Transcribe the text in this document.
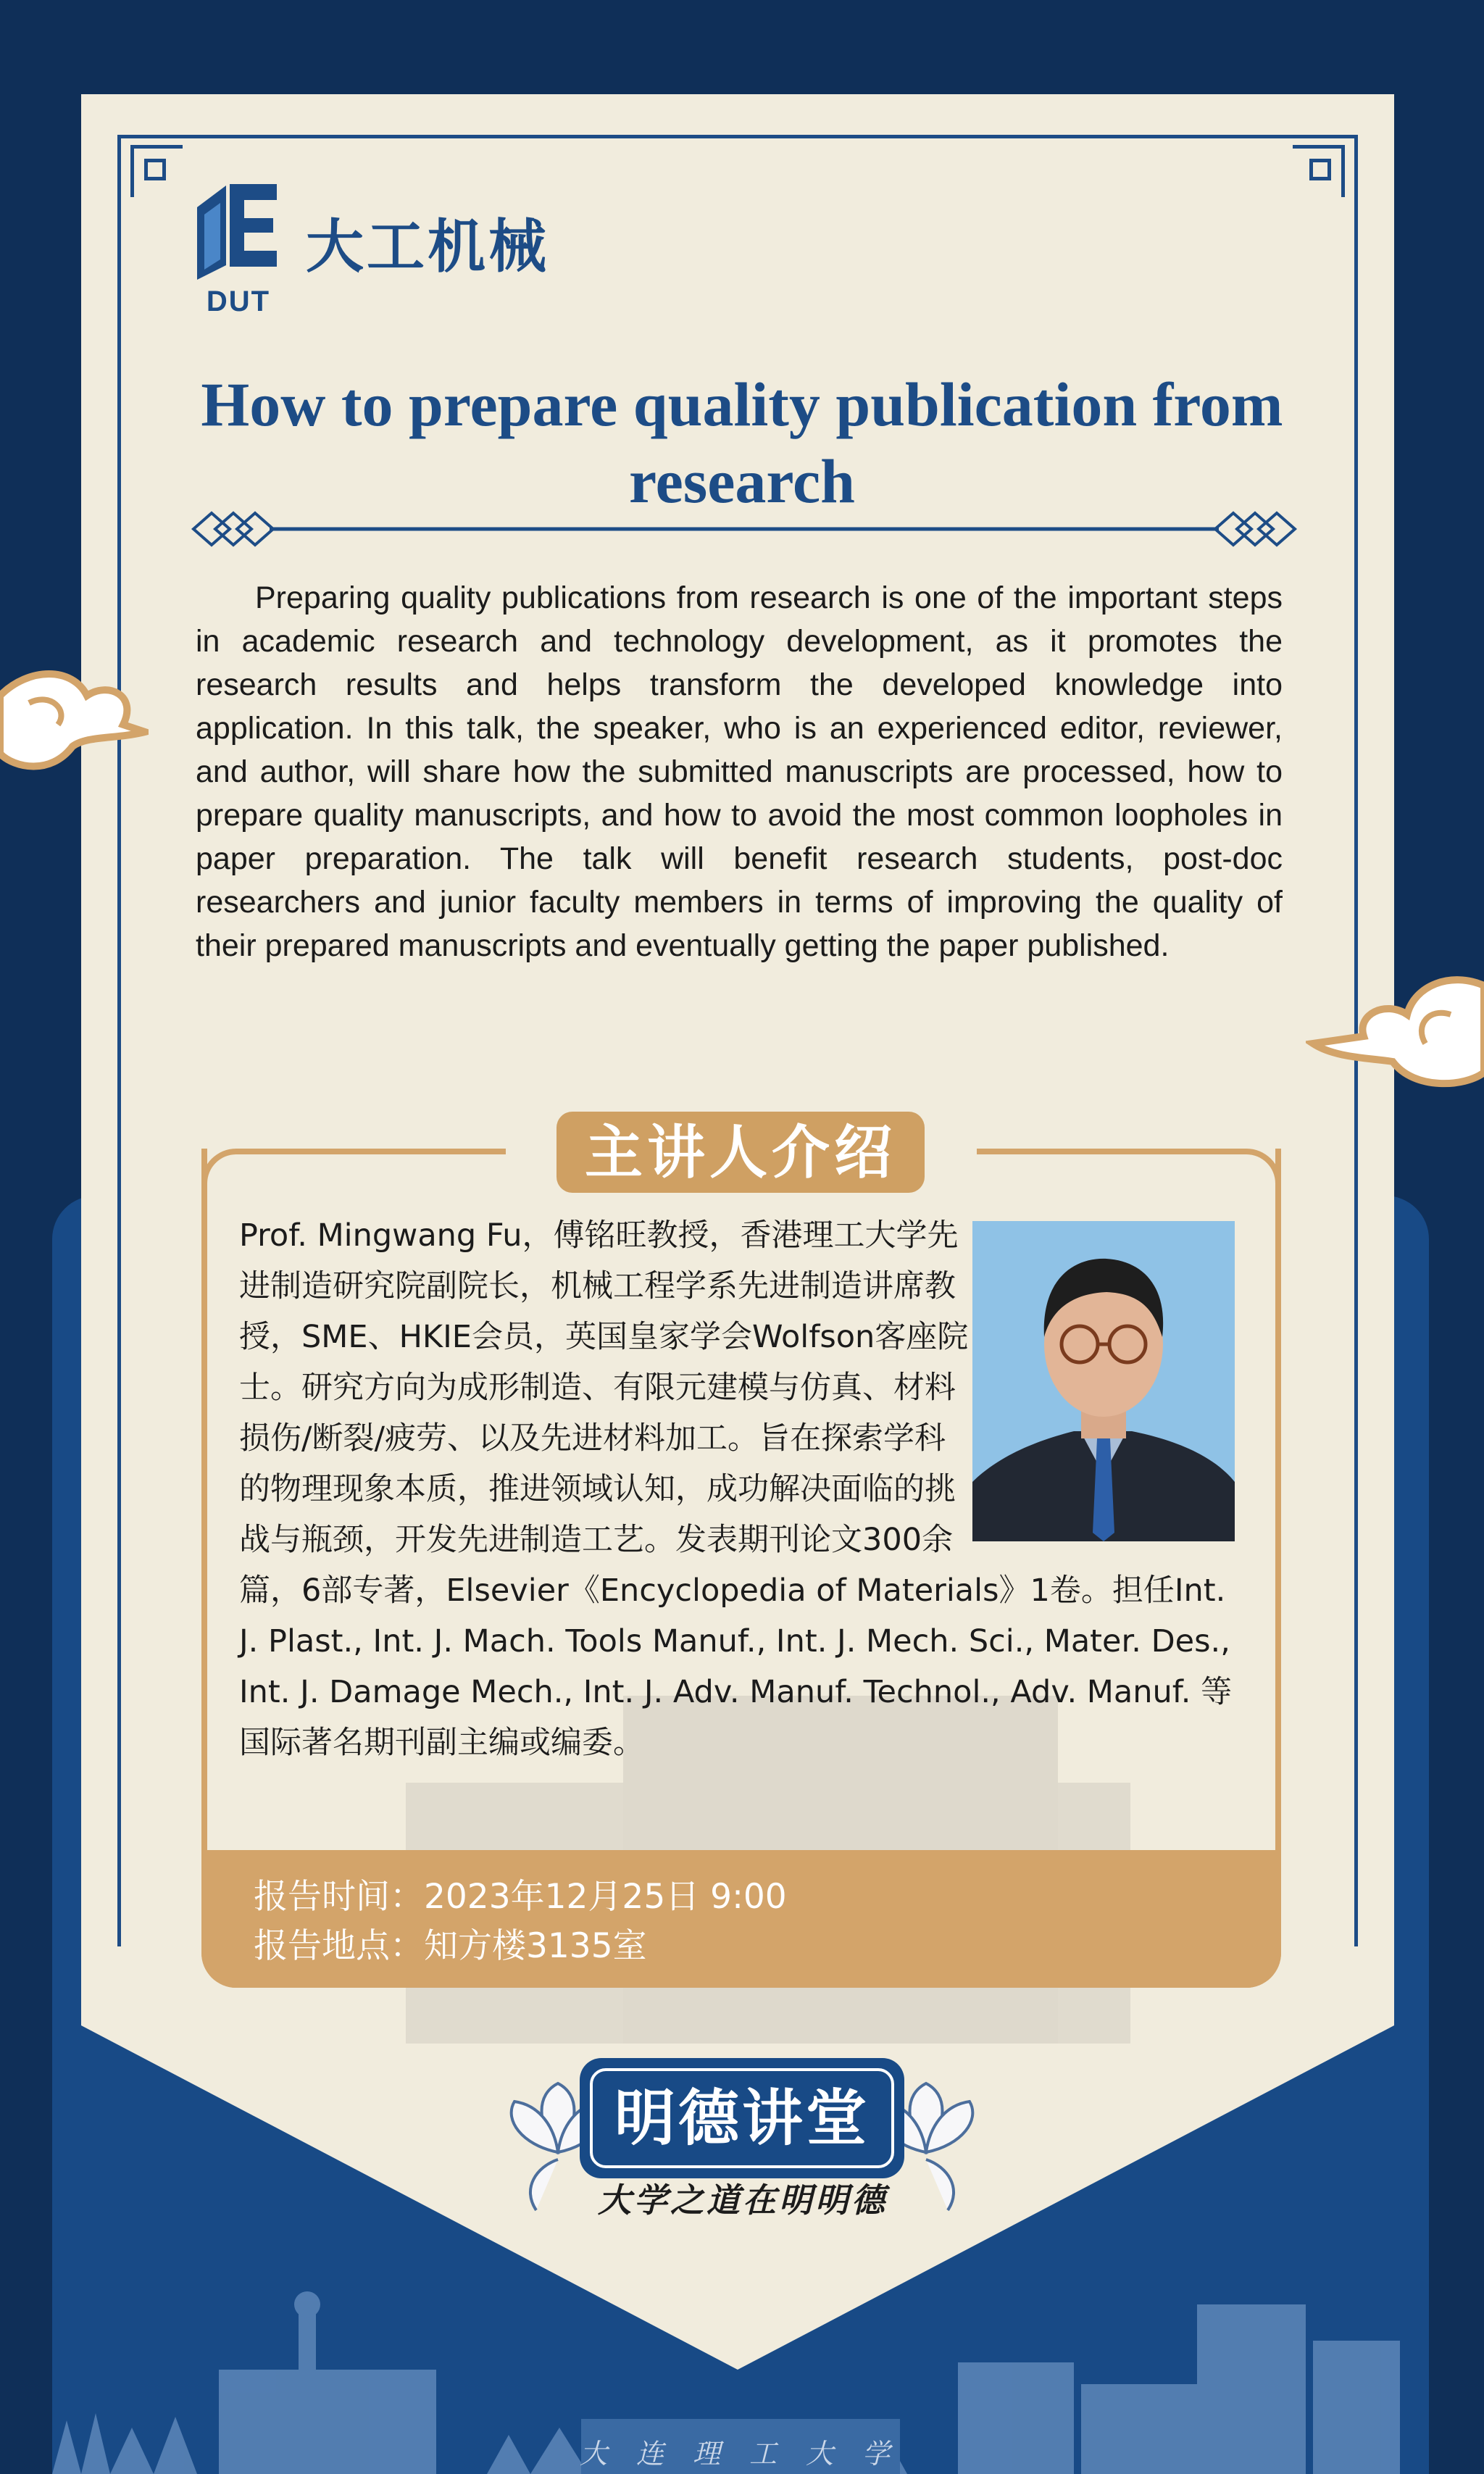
DUT
大工机械
How to prepare quality publication from research

Preparing quality publications from research is one of the important steps in academic research and technology development, as it promotes the research results and helps transform the developed knowledge into application. In this talk, the speaker, who is an experienced editor, reviewer, and author, will share how the submitted manuscripts are processed, how to prepare quality manuscripts, and how to avoid the most common loopholes in paper preparation. The talk will benefit research students, post-doc researchers and junior faculty members in terms of improving the quality of their prepared manuscripts and eventually getting the paper published.

主讲人介绍

Prof. Mingwang Fu，傅铭旺教授，香港理工大学先进制造研究院副院长，机械工程学系先进制造讲席教授，SME、HKIE会员，英国皇家学会Wolfson客座院士。研究方向为成形制造、有限元建模与仿真、材料损伤/断裂/疲劳、以及先进材料加工。旨在探索学科的物理现象本质，推进领域认知，成功解决面临的挑战与瓶颈，开发先进制造工艺。发表期刊论文300余篇，6部专著，Elsevier《Encyclopedia of Materials》1卷。担任Int. J. Plast., Int. J. Mach. Tools Manuf., Int. J. Mech. Sci., Mater. Des., Int. J. Damage Mech., Int. J. Adv. Manuf. Technol., Adv. Manuf. 等国际著名期刊副主编或编委。

报告时间：2023年12月25日 9:00
报告地点：知方楼3135室
明德讲堂
大学之道在明明德
大连理工大学
